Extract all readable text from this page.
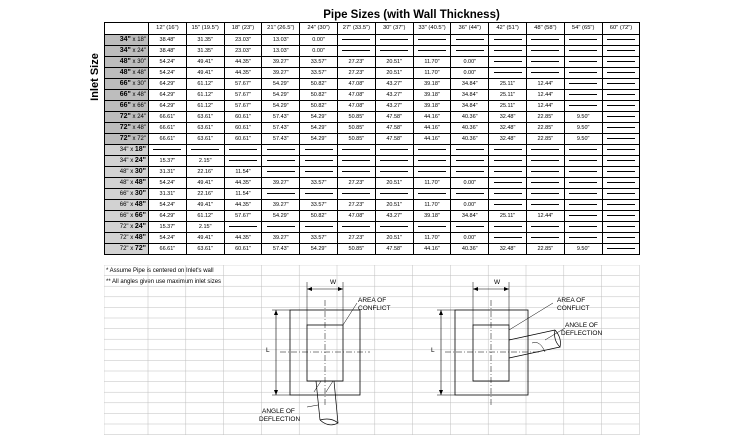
Pipe Sizes (with Wall Thickness)
Inlet Size
	12" (16")	15" (19.5")	18" (23")	21" (26.5")	24" (30")	27" (33.5")	30" (37")	33" (40.5")	36" (44")	42" (51")	48" (58")	54" (65")	60" (72")
34" x 18"	38.48"	31.35"	23.03"	13.03"	0.00"								
34" x 24"	38.48"	31.35"	23.03"	13.03"	0.00"								
48" x 30"	54.24"	49.41"	44.35"	39.27"	33.57"	27.23"	20.51"	11.70"	0.00"				
48" x 48"	54.24"	49.41"	44.35"	39.27"	33.57"	27.23"	20.51"	11.70"	0.00"				
66" x 30"	64.29"	61.12"	57.67"	54.29"	50.82"	47.08"	43.27"	39.18"	34.84"	25.11"	12.44"		
66" x 48"	64.29"	61.12"	57.67"	54.29"	50.82"	47.08"	43.27"	39.18"	34.84"	25.11"	12.44"		
66" x 66"	64.29"	61.12"	57.67"	54.29"	50.82"	47.08"	43.27"	39.18"	34.84"	25.11"	12.44"		
72" x 24"	66.61"	63.61"	60.61"	57.43"	54.29"	50.85"	47.58"	44.16"	40.36"	32.48"	22.85"	9.50"	
72" x 48"	66.61"	63.61"	60.61"	57.43"	54.29"	50.85"	47.58"	44.16"	40.36"	32.48"	22.85"	9.50"	
72" x 72"	66.61"	63.61"	60.61"	57.43"	54.29"	50.85"	47.58"	44.16"	40.36"	32.48"	22.85"	9.50"	
34" x 18"													
34" x 24"	15.37"	2.15"											
48" x 30"	31.31"	22.16"	11.54"										
48" x 48"	54.24"	49.41"	44.35"	39.27"	33.57"	27.23"	20.51"	11.70"	0.00"				
66" x 30"	31.31"	22.16"	11.54"										
66" x 48"	54.24"	49.41"	44.35"	39.27"	33.57"	27.23"	20.51"	11.70"	0.00"				
66" x 66"	64.29"	61.12"	57.67"	54.29"	50.82"	47.08"	43.27"	39.18"	34.84"	25.11"	12.44"		
72" x 24"	15.37"	2.15"											
72" x 48"	54.24"	49.41"	44.35"	39.27"	33.57"	27.23"	20.51"	11.70"	0.00"				
72" x 72"	66.61"	63.61"	60.61"	57.43"	54.29"	50.85"	47.58"	44.16"	40.36"	32.48"	22.85"	9.50"	
* Assume Pipe is centered on Inlet's wall
** All angles given use maximum inlet sizes	W
L
AREA OF
CONFLICT
ANGLE OF
DEFLECTION
W
L
AREA OF
CONFLICT
ANGLE OF
DEFLECTION
